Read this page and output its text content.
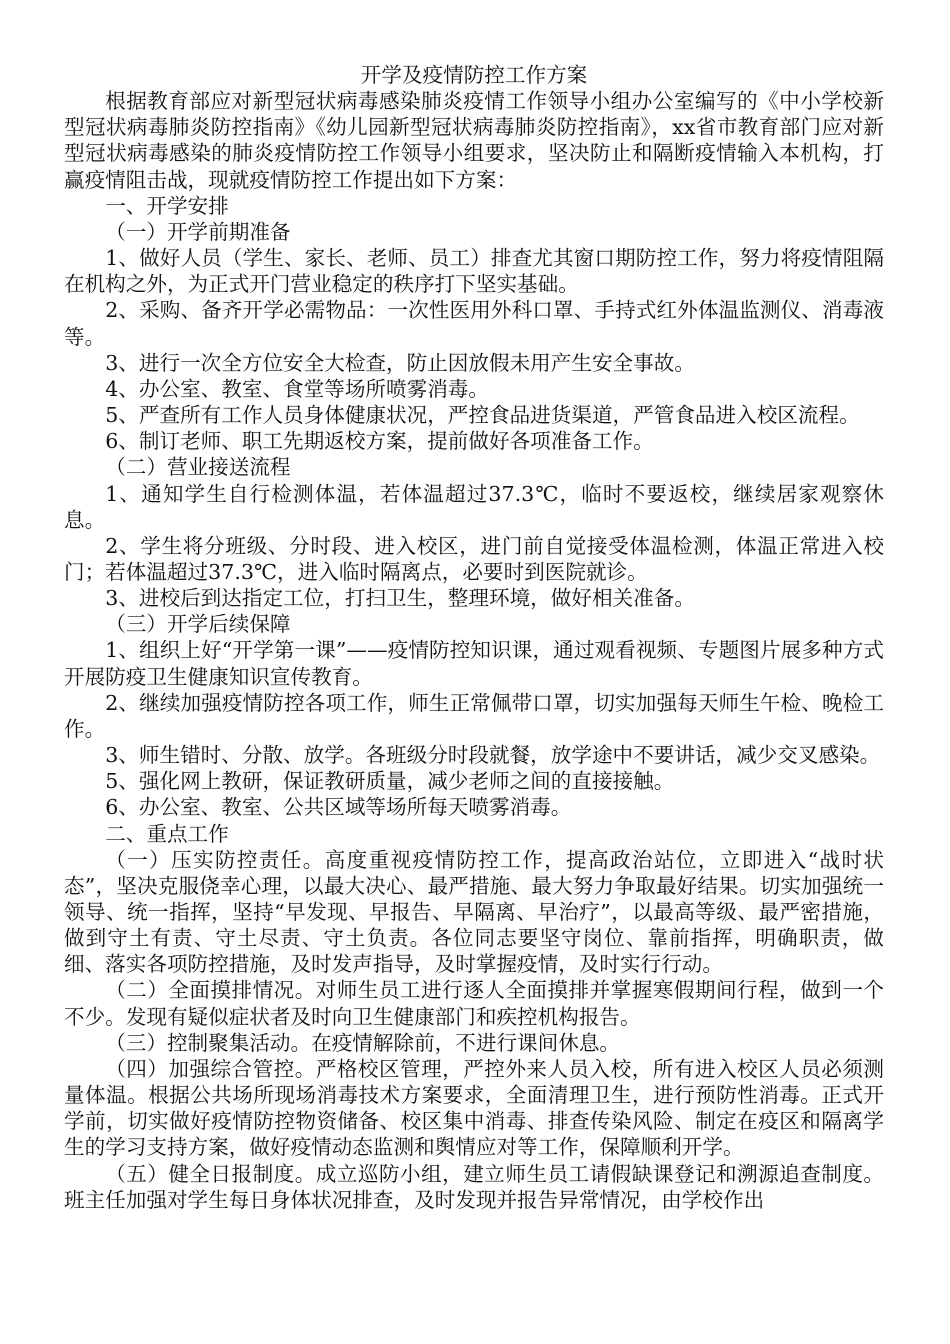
开学及疫情防控工作方案

根据教育部应对新型冠状病毒感染肺炎疫情工作领导小组办公室编写的《中小学校新型冠状病毒肺炎防控指南》《幼儿园新型冠状病毒肺炎防控指南》，xx省市教育部门应对新型冠状病毒感染的肺炎疫情防控工作领导小组要求，坚决防止和隔断疫情输入本机构，打赢疫情阻击战，现就疫情防控工作提出如下方案：

一、开学安排

（一）开学前期准备

1、做好人员（学生、家长、老师、员工）排查尤其窗口期防控工作，努力将疫情阻隔在机构之外，为正式开门营业稳定的秩序打下坚实基础。

2、采购、备齐开学必需物品：一次性医用外科口罩、手持式红外体温监测仪、消毒液等。

3、进行一次全方位安全大检查，防止因放假未用产生安全事故。

4、办公室、教室、食堂等场所喷雾消毒。

5、严查所有工作人员身体健康状况，严控食品进货渠道，严管食品进入校区流程。

6、制订老师、职工先期返校方案，提前做好各项准备工作。

（二）营业接送流程

1、通知学生自行检测体温，若体温超过37.3℃，临时不要返校，继续居家观察休息。

2、学生将分班级、分时段、进入校区，进门前自觉接受体温检测，体温正常进入校门；若体温超过37.3℃，进入临时隔离点，必要时到医院就诊。

3、进校后到达指定工位，打扫卫生，整理环境，做好相关准备。

（三）开学后续保障

1、组织上好“开学第一课”——疫情防控知识课，通过观看视频、专题图片展多种方式开展防疫卫生健康知识宣传教育。

2、继续加强疫情防控各项工作，师生正常佩带口罩，切实加强每天师生午检、晚检工作。

3、师生错时、分散、放学。各班级分时段就餐，放学途中不要讲话，减少交叉感染。

5、强化网上教研，保证教研质量，减少老师之间的直接接触。

6、办公室、教室、公共区域等场所每天喷雾消毒。

二、重点工作

（一）压实防控责任。高度重视疫情防控工作，提高政治站位，立即进入“战时状态”，坚决克服侥幸心理，以最大决心、最严措施、最大努力争取最好结果。切实加强统一领导、统一指挥，坚持“早发现、早报告、早隔离、早治疗”，以最高等级、最严密措施，做到守土有责、守土尽责、守土负责。各位同志要坚守岗位、靠前指挥，明确职责，做细、落实各项防控措施，及时发声指导，及时掌握疫情，及时实行行动。

（二）全面摸排情况。对师生员工进行逐人全面摸排并掌握寒假期间行程，做到一个不少。发现有疑似症状者及时向卫生健康部门和疾控机构报告。

（三）控制聚集活动。在疫情解除前，不进行课间休息。

（四）加强综合管控。严格校区管理，严控外来人员入校，所有进入校区人员必须测量体温。根据公共场所现场消毒技术方案要求，全面清理卫生，进行预防性消毒。正式开学前，切实做好疫情防控物资储备、校区集中消毒、排查传染风险、制定在疫区和隔离学生的学习支持方案，做好疫情动态监测和舆情应对等工作，保障顺利开学。

（五）健全日报制度。成立巡防小组，建立师生员工请假缺课登记和溯源追查制度。班主任加强对学生每日身体状况排查，及时发现并报告异常情况，由学校作出
